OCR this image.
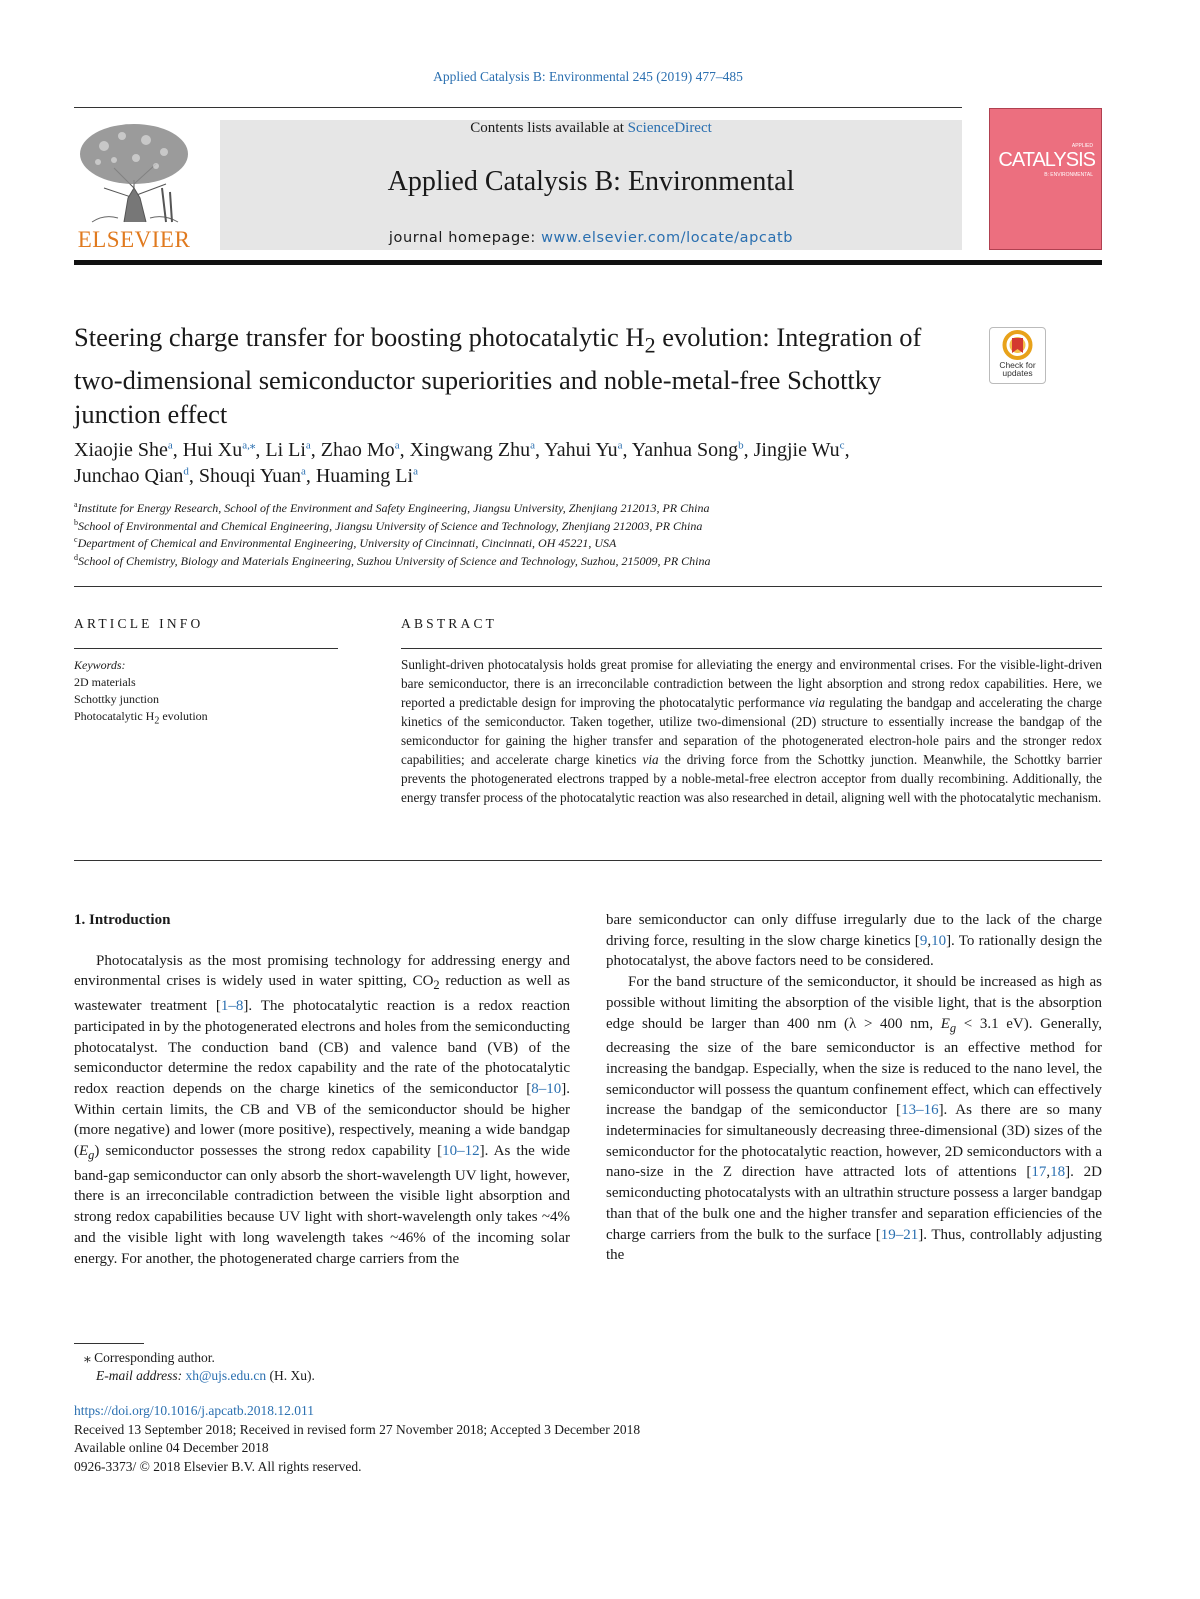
Applied Catalysis B: Environmental 245 (2019) 477–485
ELSEVIER
Contents lists available at ScienceDirect
Applied Catalysis B: Environmental
journal homepage: www.elsevier.com/locate/apcatb
APPLIED
CATALYSIS
B: ENVIRONMENTAL
Steering charge transfer for boosting photocatalytic $H_2$ evolution: Integration of two-dimensional semiconductor superiorities and noble-metal-free Schottky junction effect
Check for
updates
Xiaojie She$^a$, Hui $Xu^{a,⁎}$, Li Li$^a$, Zhao Mo$^a$, Xingwang Zhu$^a$, Yahui Yu$^a$, Yanhua Song$^b$, Jingjie Wu$^c$,
Junchao Qian$^d$, Shouqi Yuan$^a$, Huaming Li$^a$
$^a$Institute for Energy Research, School of the Environment and Safety Engineering, Jiangsu University, Zhenjiang 212013, PR China
$^b$School of Environmental and Chemical Engineering, Jiangsu University of Science and Technology, Zhenjiang 212003, PR China
$^c$Department of Chemical and Environmental Engineering, University of Cincinnati, Cincinnati, OH 45221, USA
$^d$School of Chemistry, Biology and Materials Engineering, Suzhou University of Science and Technology, Suzhou, 215009, PR China
ARTICLE INFO	ABSTRACT
Keywords:
2D materials
Schottky junction
Photocatalytic $H_2$ evolution
Sunlight-driven photocatalysis holds great promise for alleviating the energy and environmental crises. For the visible-light-driven bare semiconductor, there is an irreconcilable contradiction between the light absorption and strong redox capabilities. Here, we reported a predictable design for improving the photocatalytic performance via regulating the bandgap and accelerating the charge kinetics of the semiconductor. Taken together, utilize two-dimensional (2D) structure to essentially increase the bandgap of the semiconductor for gaining the higher transfer and separation of the photogenerated electron-hole pairs and the stronger redox capabilities; and accelerate charge kinetics via the driving force from the Schottky junction. Meanwhile, the Schottky barrier prevents the photogenerated electrons trapped by a noble-metal-free electron acceptor from dually recombining. Additionally, the energy transfer process of the photocatalytic reaction was also researched in detail, aligning well with the photocatalytic mechanism.

1. Introduction

Photocatalysis as the most promising technology for addressing energy and environmental crises is widely used in water spitting, $CO_2$ reduction as well as wastewater treatment [1–8]. The photocatalytic reaction is a redox reaction participated in by the photogenerated electrons and holes from the semiconducting photocatalyst. The conduction band (CB) and valence band (VB) of the semiconductor determine the redox capability and the rate of the photocatalytic redox reaction depends on the charge kinetics of the semiconductor [8–10]. Within certain limits, the CB and VB of the semiconductor should be higher (more negative) and lower (more positive), respectively, meaning a wide bandgap $(E_g)$ semiconductor possesses the strong redox capability [10–12]. As the wide band-gap semiconductor can only absorb the short-wavelength UV light, however, there is an irreconcilable contradiction between the visible light absorption and strong redox capabilities because UV light with short-wavelength only takes ~4% and the visible light with long wavelength takes ~46% of the incoming solar energy. For another, the photogenerated charge carriers from the

bare semiconductor can only diffuse irregularly due to the lack of the charge driving force, resulting in the slow charge kinetics [9,10]. To rationally design the photocatalyst, the above factors need to be considered.

For the band structure of the semiconductor, it should be increased as high as possible without limiting the absorption of the visible light, that is the absorption edge should be larger than 400 nm (λ > 400 nm, $E_g < 3.1$ eV). Generally, decreasing the size of the bare semiconductor is an effective method for increasing the bandgap. Especially, when the size is reduced to the nano level, the semiconductor will possess the quantum confinement effect, which can effectively increase the bandgap of the semiconductor [13–16]. As there are so many indeterminacies for simultaneously decreasing three-dimensional (3D) sizes of the semiconductor for the photocatalytic reaction, however, 2D semiconductors with a nano-size in the Z direction have attracted lots of attentions [17,18]. 2D semiconducting photocatalysts with an ultrathin structure possess a larger bandgap than that of the bulk one and the higher transfer and separation efficiencies of the charge carriers from the bulk to the surface [19–21]. Thus, controllably adjusting the

⁎ Corresponding author.
E-mail address: xh@ujs.edu.cn (H. Xu).
https://doi.org/10.1016/j.apcatb.2018.12.011
Received 13 September 2018; Received in revised form 27 November 2018; Accepted 3 December 2018
Available online 04 December 2018
0926-3373/ © 2018 Elsevier B.V. All rights reserved.
